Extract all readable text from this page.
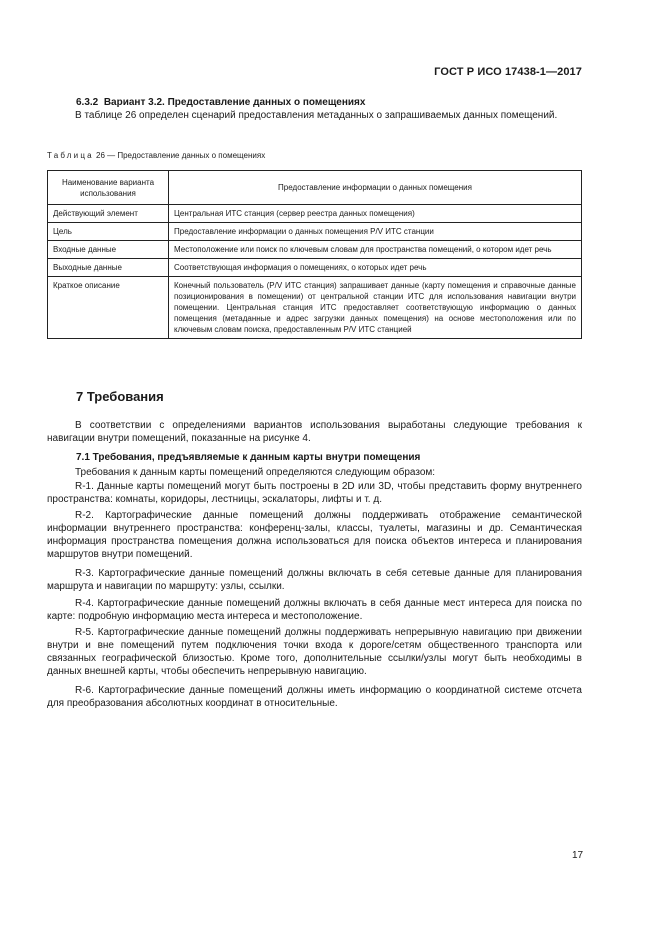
ГОСТ Р ИСО 17438-1—2017
6.3.2 Вариант 3.2. Предоставление данных о помещениях
В таблице 26 определен сценарий предоставления метаданных о запрашиваемых данных помещений.
Таблица 26 — Предоставление данных о помещениях
Наименование варианта использования	Предоставление информации о данных помещения
Действующий элемент	Центральная ИТС станция (сервер реестра данных помещения)
Цель	Предоставление информации о данных помещения P/V ИТС станции
Входные данные	Местоположение или поиск по ключевым словам для пространства помещений, о котором идет речь
Выходные данные	Соответствующая информация о помещениях, о которых идет речь
Краткое описание	Конечный пользователь (P/V ИТС станция) запрашивает данные (карту помещения и справочные данные позиционирования в помещении) от центральной станции ИТС для использования навигации внутри помещении. Центральная станция ИТС предоставляет соответствующую информацию о данных помещения (метаданные и адрес загрузки данных помещения) на основе местоположения или по ключевым словам поиска, предоставленным P/V ИТС станцией
7 Требования
В соответствии с определениями вариантов использования выработаны следующие требования к навигации внутри помещений, показанные на рисунке 4.
7.1 Требования, предъявляемые к данным карты внутри помещения
Требования к данным карты помещений определяются следующим образом:
R-1. Данные карты помещений могут быть построены в 2D или 3D, чтобы представить форму внутреннего пространства: комнаты, коридоры, лестницы, эскалаторы, лифты и т. д.
R-2. Картографические данные помещений должны поддерживать отображение семантической информации внутреннего пространства: конференц-залы, классы, туалеты, магазины и др. Семантическая информация пространства помещения должна использоваться для поиска объектов интереса и планирования маршрутов внутри помещений.
R-3. Картографические данные помещений должны включать в себя сетевые данные для планирования маршрута и навигации по маршруту: узлы, ссылки.
R-4. Картографические данные помещений должны включать в себя данные мест интереса для поиска по карте: подробную информацию места интереса и местоположение.
R-5. Картографические данные помещений должны поддерживать непрерывную навигацию при движении внутри и вне помещений путем подключения точки входа к дороге/сетям общественного транспорта или связанных географической близостью. Кроме того, дополнительные ссылки/узлы могут быть необходимы в данных внешней карты, чтобы обеспечить непрерывную навигацию.
R-6. Картографические данные помещений должны иметь информацию о координатной системе отсчета для преобразования абсолютных координат в относительные.
17
